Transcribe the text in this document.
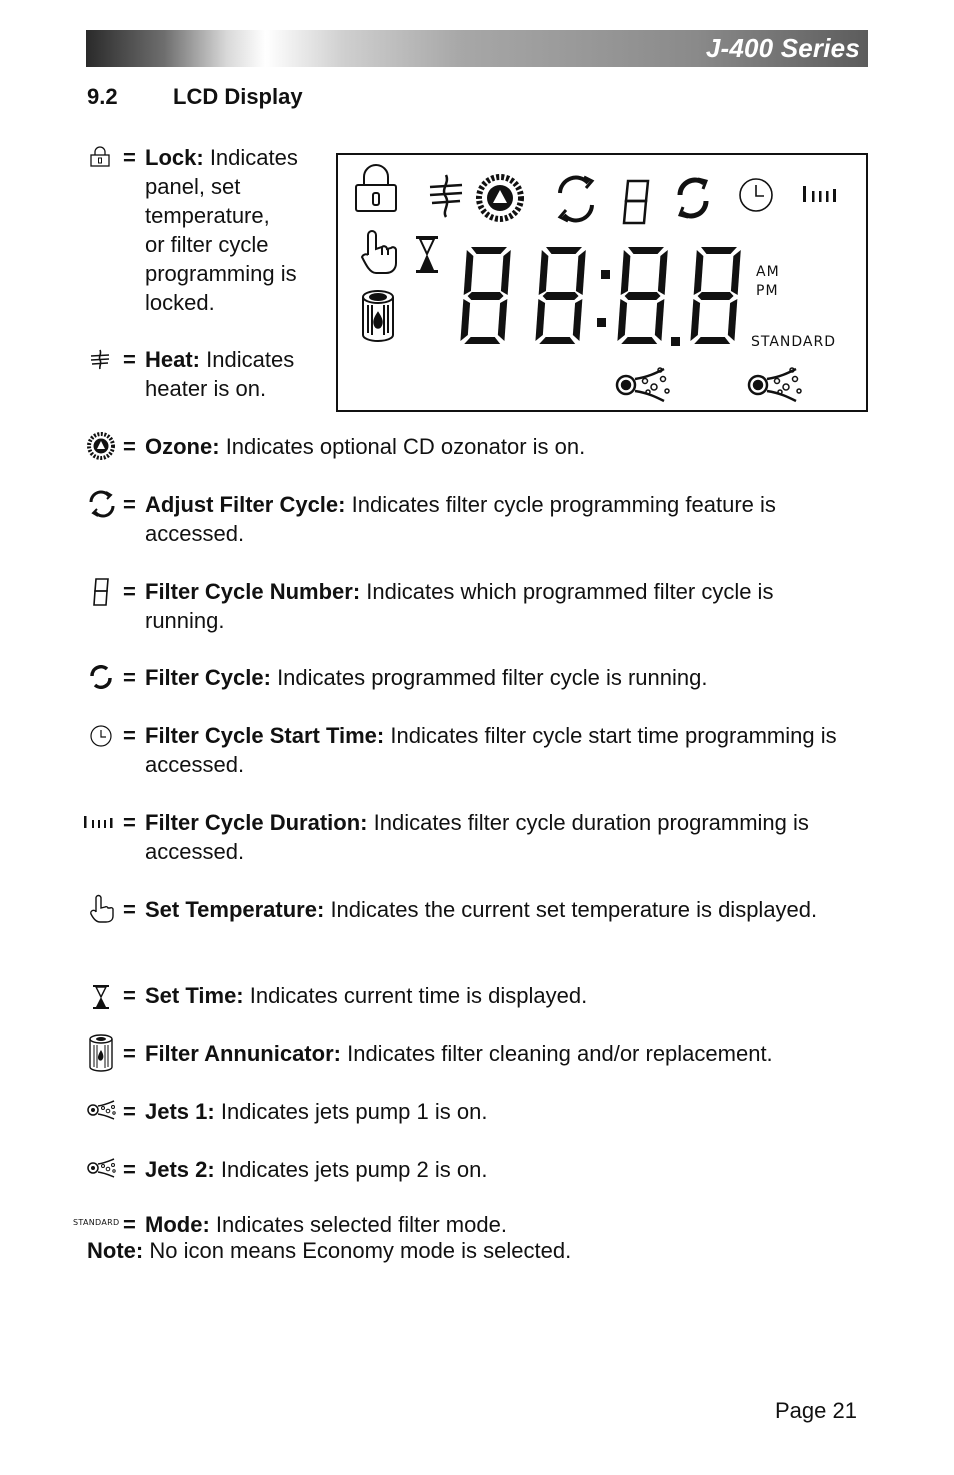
J-400 Series
9.2	LCD Display
AM
PM
STANDARD
= Lock: Indicates
panel, set
temperature,
or filter cycle
programming is
locked.
= Heat: Indicates
heater is on.
= Ozone: Indicates optional CD ozonator is on.
= Adjust Filter Cycle: Indicates filter cycle programming feature is accessed.
= Filter Cycle Number: Indicates which programmed filter cycle is running.
= Filter Cycle: Indicates programmed filter cycle is running.
= Filter Cycle Start Time: Indicates filter cycle start time programming is accessed.
= Filter Cycle Duration: Indicates filter cycle duration programming is accessed.
= Set Temperature: Indicates the current set temperature is displayed.
= Set Time: Indicates current time is displayed.
= Filter Annunicator: Indicates filter cleaning and/or replacement.
= Jets 1: Indicates jets pump 1 is on.
= Jets 2: Indicates jets pump 2 is on.
STANDARD = Mode: Indicates selected filter mode.
Note: No icon means Economy mode is selected.
Page 21
